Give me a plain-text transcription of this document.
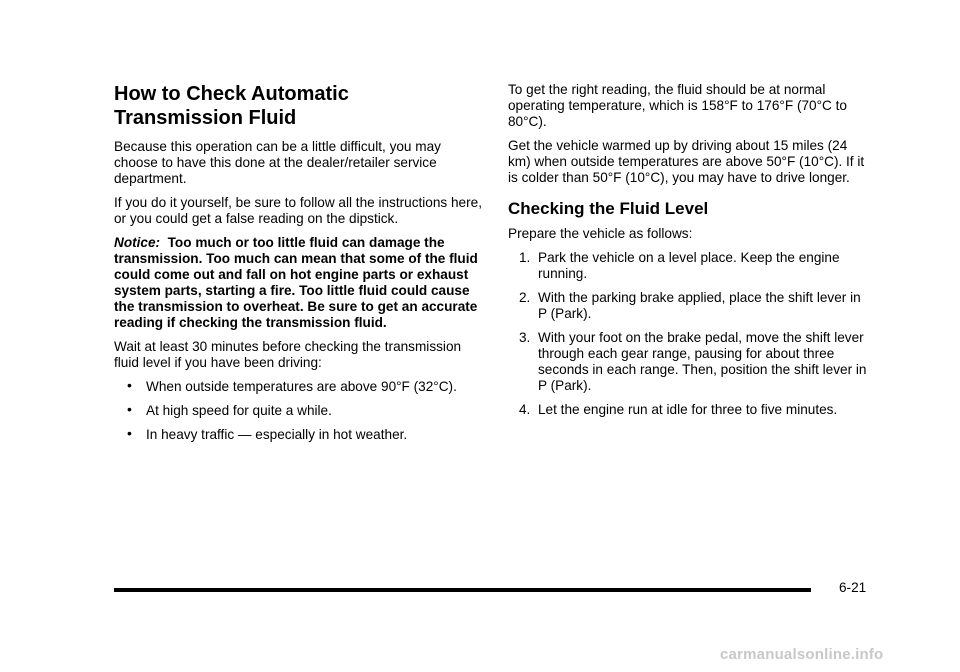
How to Check Automatic Transmission Fluid

Because this operation can be a little difficult, you may choose to have this done at the dealer/retailer service department.

If you do it yourself, be sure to follow all the instructions here, or you could get a false reading on the dipstick.

Notice: Too much or too little fluid can damage the transmission. Too much can mean that some of the fluid could come out and fall on hot engine parts or exhaust system parts, starting a fire. Too little fluid could cause the transmission to overheat. Be sure to get an accurate reading if checking the transmission fluid.

Wait at least 30 minutes before checking the transmission fluid level if you have been driving:

• When outside temperatures are above 90°F (32°C).
• At high speed for quite a while.
• In heavy traffic — especially in hot weather.

To get the right reading, the fluid should be at normal operating temperature, which is 158°F to 176°F (70°C to 80°C).

Get the vehicle warmed up by driving about 15 miles (24 km) when outside temperatures are above 50°F (10°C). If it is colder than 50°F (10°C), you may have to drive longer.

Checking the Fluid Level

Prepare the vehicle as follows:

1. Park the vehicle on a level place. Keep the engine running.
2. With the parking brake applied, place the shift lever in P (Park).
3. With your foot on the brake pedal, move the shift lever through each gear range, pausing for about three seconds in each range. Then, position the shift lever in P (Park).
4. Let the engine run at idle for three to five minutes.
6-21
carmanualsonline.info
